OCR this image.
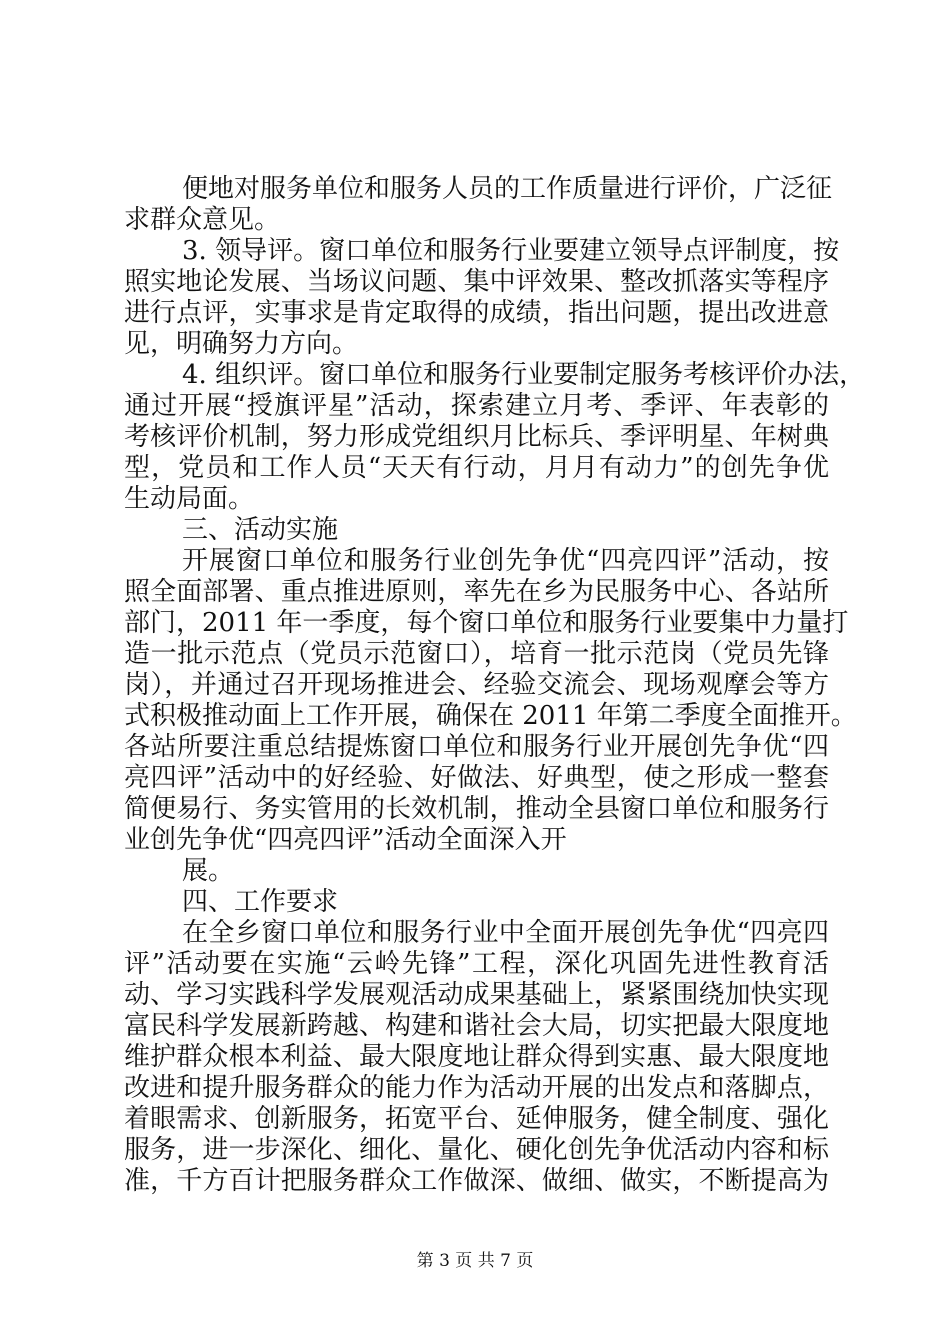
便地对服务单位和服务人员的工作质量进行评价，广泛征
求群众意见。
3. 领导评。窗口单位和服务行业要建立领导点评制度，按
照实地论发展、当场议问题、集中评效果、整改抓落实等程序
进行点评，实事求是肯定取得的成绩，指出问题，提出改进意
见，明确努力方向。
4. 组织评。窗口单位和服务行业要制定服务考核评价办法，
通过开展“授旗评星”活动，探索建立月考、季评、年表彰的
考核评价机制，努力形成党组织月比标兵、季评明星、年树典
型，党员和工作人员“天天有行动，月月有动力”的创先争优
生动局面。
三、活动实施
开展窗口单位和服务行业创先争优“四亮四评”活动，按
照全面部署、重点推进原则，率先在乡为民服务中心、各站所
部门，2011 年一季度，每个窗口单位和服务行业要集中力量打
造一批示范点（党员示范窗口），培育一批示范岗（党员先锋
岗），并通过召开现场推进会、经验交流会、现场观摩会等方
式积极推动面上工作开展，确保在 2011 年第二季度全面推开。
各站所要注重总结提炼窗口单位和服务行业开展创先争优“四
亮四评”活动中的好经验、好做法、好典型，使之形成一整套
简便易行、务实管用的长效机制，推动全县窗口单位和服务行
业创先争优“四亮四评”活动全面深入开
展。
四、工作要求
在全乡窗口单位和服务行业中全面开展创先争优“四亮四
评”活动要在实施“云岭先锋”工程，深化巩固先进性教育活
动、学习实践科学发展观活动成果基础上，紧紧围绕加快实现
富民科学发展新跨越、构建和谐社会大局，切实把最大限度地
维护群众根本利益、最大限度地让群众得到实惠、最大限度地
改进和提升服务群众的能力作为活动开展的出发点和落脚点，
着眼需求、创新服务，拓宽平台、延伸服务，健全制度、强化
服务，进一步深化、细化、量化、硬化创先争优活动内容和标
准，千方百计把服务群众工作做深、做细、做实，不断提高为
第 3 页 共 7 页
